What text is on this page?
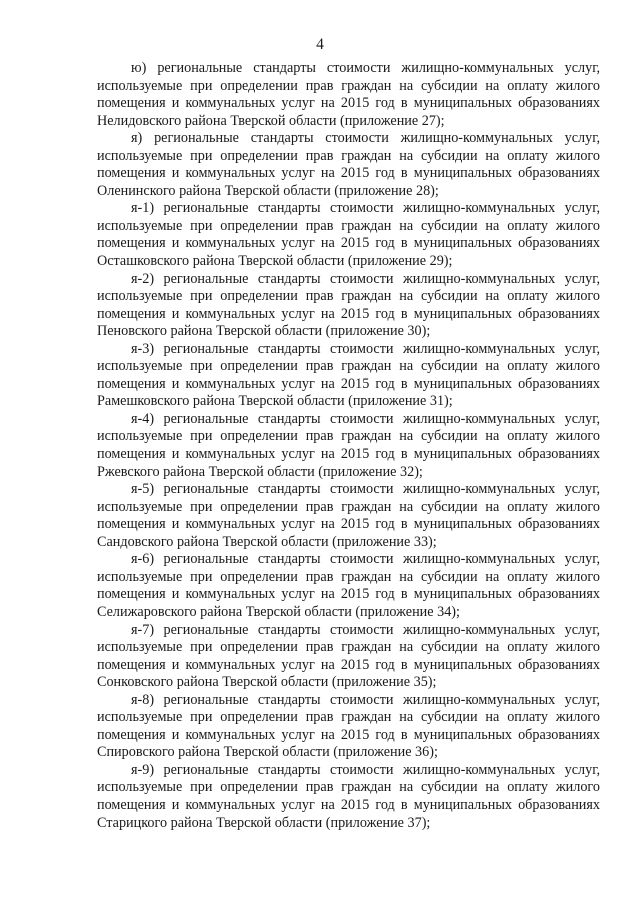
4

ю) региональные стандарты стоимости жилищно-коммунальных услуг, используемые при определении прав граждан на субсидии на оплату жилого помещения и коммунальных услуг на 2015 год в муниципальных образованиях Нелидовского района Тверской области (приложение 27);

я) региональные стандарты стоимости жилищно-коммунальных услуг, используемые при определении прав граждан на субсидии на оплату жилого помещения и коммунальных услуг на 2015 год в муниципальных образованиях Оленинского района Тверской области (приложение 28);

я-1) региональные стандарты стоимости жилищно-коммунальных услуг, используемые при определении прав граждан на субсидии на оплату жилого помещения и коммунальных услуг на 2015 год в муниципальных образованиях Осташковского района Тверской области (приложение 29);

я-2) региональные стандарты стоимости жилищно-коммунальных услуг, используемые при определении прав граждан на субсидии на оплату жилого помещения и коммунальных услуг на 2015 год в муниципальных образованиях Пеновского района Тверской области (приложение 30);

я-3) региональные стандарты стоимости жилищно-коммунальных услуг, используемые при определении прав граждан на субсидии на оплату жилого помещения и коммунальных услуг на 2015 год в муниципальных образованиях Рамешковского района Тверской области (приложение 31);

я-4) региональные стандарты стоимости жилищно-коммунальных услуг, используемые при определении прав граждан на субсидии на оплату жилого помещения и коммунальных услуг на 2015 год в муниципальных образованиях Ржевского района Тверской области (приложение 32);

я-5) региональные стандарты стоимости жилищно-коммунальных услуг, используемые при определении прав граждан на субсидии на оплату жилого помещения и коммунальных услуг на 2015 год в муниципальных образованиях Сандовского района Тверской области (приложение 33);

я-6) региональные стандарты стоимости жилищно-коммунальных услуг, используемые при определении прав граждан на субсидии на оплату жилого помещения и коммунальных услуг на 2015 год в муниципальных образованиях Селижаровского района Тверской области (приложение 34);

я-7) региональные стандарты стоимости жилищно-коммунальных услуг, используемые при определении прав граждан на субсидии на оплату жилого помещения и коммунальных услуг на 2015 год в муниципальных образованиях Сонковского района Тверской области (приложение 35);

я-8) региональные стандарты стоимости жилищно-коммунальных услуг, используемые при определении прав граждан на субсидии на оплату жилого помещения и коммунальных услуг на 2015 год в муниципальных образованиях Спировского района Тверской области (приложение 36);

я-9) региональные стандарты стоимости жилищно-коммунальных услуг, используемые при определении прав граждан на субсидии на оплату жилого помещения и коммунальных услуг на 2015 год в муниципальных образованиях Старицкого района Тверской области (приложение 37);
